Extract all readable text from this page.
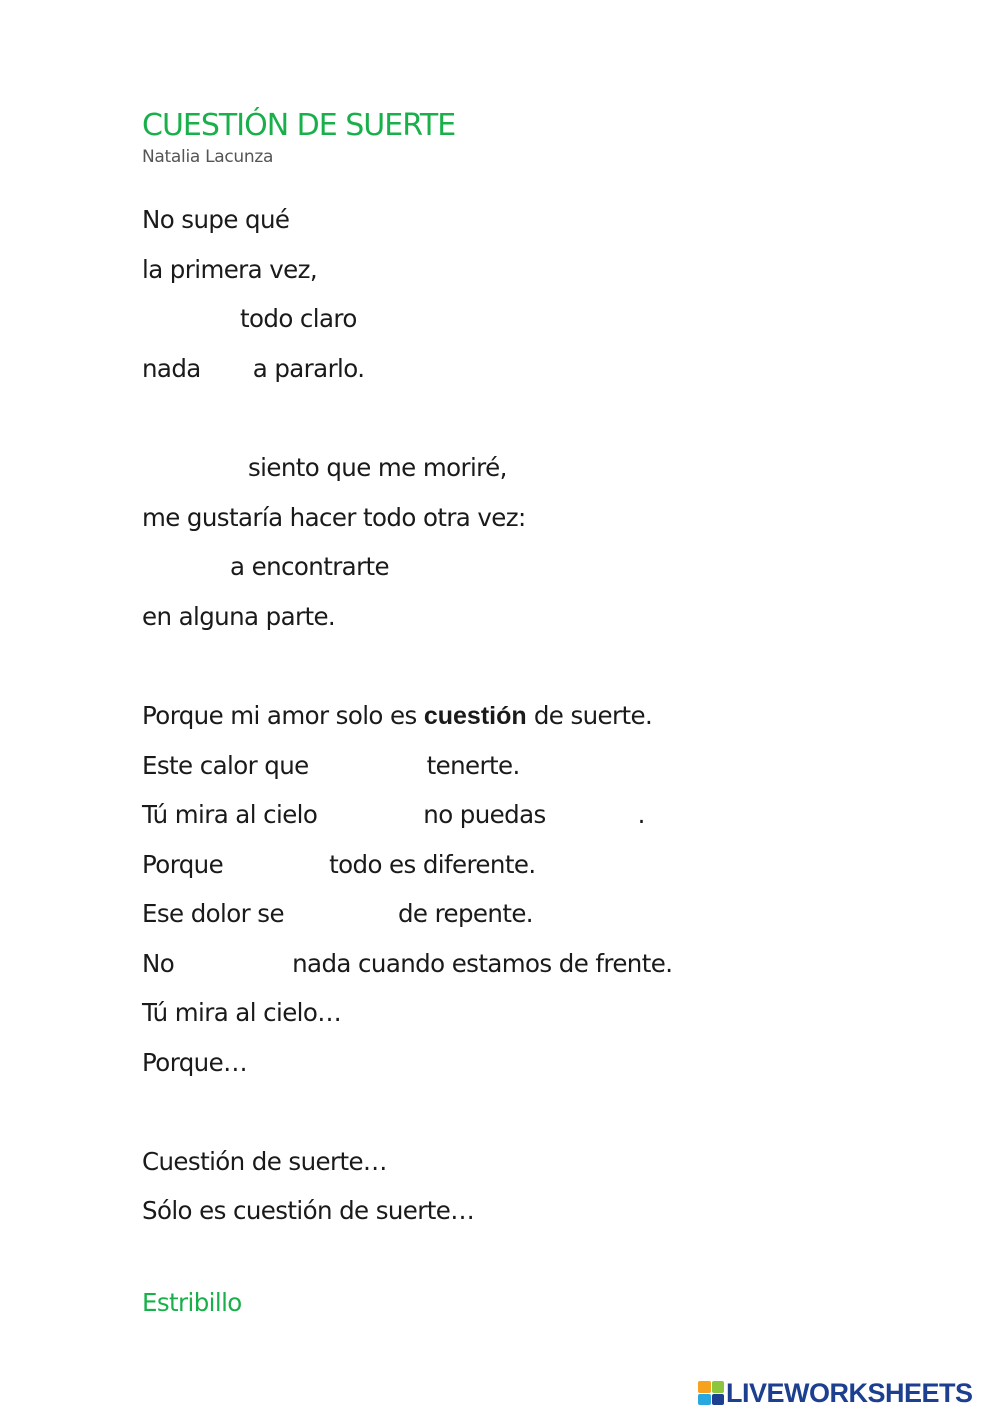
CUESTIÓN DE SUERTE
Natalia Lacunza
No supe qué
la primera vez,
todo claro
nada a pararlo.
siento que me moriré,
me gustaría hacer todo otra vez:
a encontrarte
en alguna parte.
Porque mi amor solo es cuestión de suerte.
Este calor que	tenerte.
Tú mira al cielo	no puedas	.
Porque	todo es diferente.
Ese dolor se	de repente.
No	nada cuando estamos de frente.
Tú mira al cielo…
Porque…
Cuestión de suerte…
Sólo es cuestión de suerte…
Estribillo
LIVEWORKSHEETS
